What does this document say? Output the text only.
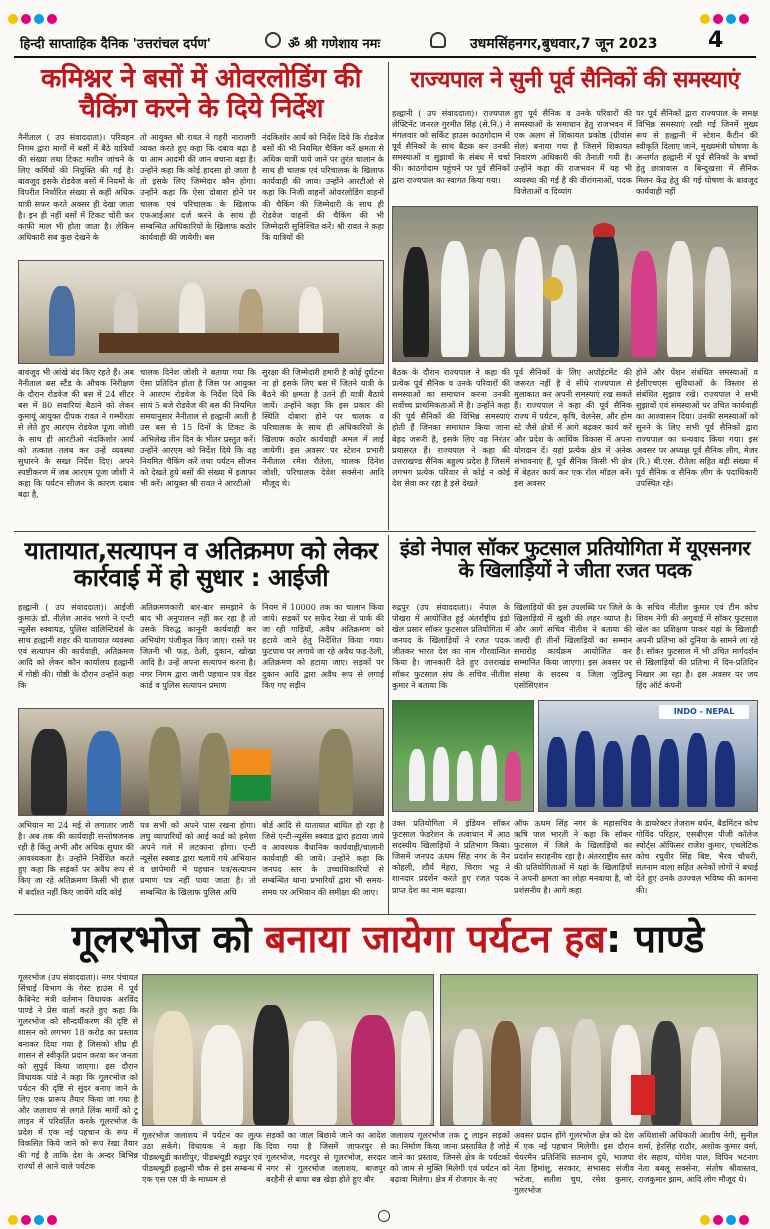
हिन्दी साप्ताहिक दैनिक 'उत्तरांचल दर्पण'	ॐ श्री गणेशाय नमः	उधमसिंहनगर,बुधवार,7 जून 2023	4
कमिश्नर ने बसों में ओवरलोडिंग की चैकिंग करने के दिये निर्देश
नैनीताल ( उप संवाददाता)। परिवहन निगम द्वारा मार्गों में बसों में बैठे यात्रियों की संख्या तथा टिकट मशीन जांचने के लिए कर्मियों की नियुक्ति की गई है। बावजूद इसके रोडवेज बसों में नियमों के विपरीत निर्धारित संख्या से कहीं अधिक यात्री सफर करते अक्सर ही देखा जाता है। इन ही नहीं बसों में टिकट चोरी कर काफी माल भी होता जाता है। लेकिन अधिकारी सब कुछ देखने के
तो आयुक्त श्री रावत ने गहरी नाराजगी व्यक्त करते हुए कहा कि दबाव बढ़ा है या आम आदमी की जान बचाना बड़ा है। उन्होंने कहा कि कोई हादसा हो जाता है तो इसके लिए जिम्मेदार कौन होगा। उन्होंने कहा कि ऐसा दोबारा होने पर चालक एवं परिचालक के खिलाफ एफआईआर दर्ज करने के साथ ही सम्बन्धित अधिकारियों के खिलाफ कठोर कार्यवाही की जायेगी। बस
नंदकिशोर आर्य को निर्देश दिये कि रोडवेज बसों की भी नियमित चैकिंग करें क्षमता से अधिक यात्री पाये जाने पर तुरंत चालान के साथ ही चालक एवं परिचालक के खिलाफ कार्यवाही की जाय। उन्होंने आरटीओ से कहा कि निजी वाहनों ओवरलोडिंग वाहनों की चैकिंग की जिम्मेदारी के साथ ही रोडवेज वाहनों की चैकिंग की भी जिम्मेदारी सुनिश्चित करें। श्री रावत ने कहा कि यात्रियों की
बावजूद भी आंखे बंद किए रहते हैं। अब नैनीताल बस स्टैंड के औचक निरीक्षण के दौरान रोडवेज की बस में 24 सीटर बस में 80 सवारियां बैठाने को लेकर कुमायूं आयुक्त दीपक रावत ने गम्भीरता से लेते हुए आरएम रोडवेज पूजा जोशी के साथ ही आरटीओ नंदकिशोर आर्य को तत्काल तलब कर उन्हें व्यवस्था सुधारने के सख्त निर्देश दिए। अपने स्पष्टीकरण में जब आरएम पूजा जोशी ने कहा कि पर्यटन सीजन के कारण दबाव बढ़ा है,
चालक दिनेश जोशी ने बताया गया कि ऐसा प्रतिदिन होता है जिस पर आयुक्त ने आरएम रोडवेज के निर्देश दिये कि सायं 5 बजे रोडवेज की बस की नियमित समयानुसार नैनीताल से हल्द्वानी आती है उस बस से 15 दिनों के टिकट के अभिलेख तीन दिन के भीतर प्रस्तुत करें। उन्होंने आरएम को निर्देश दिये कि वह नियमित चैकिंग करें तथा पर्यटन सीजन को देखते हुये बसों की संख्या में इजाफा भी करें। आयुक्त श्री रावत ने आरटीओ
सुरक्षा की जिम्मेदारी हमारी है कोई दुर्घटना ना हो इसके लिए बस में जितने यात्री के बैठने की क्षमता है उतने ही यात्री बैठाये जायें। उन्होंने कहा कि इस प्रकार की स्थिति दोबारा होने पर चालक व परिचालक के साथ ही अधिकारियों के खिलाफ कठोर कार्यवाही अमल में लाई जायेगी। इस अवसर पर स्टेशन प्रभारी नैनीताल रमेश रौतेला, चालक दिनेश जोशी, परिचालक देवेश सक्सेना आदि मौजूद थे।
राज्यपाल ने सुनी पूर्व सैनिकों की समस्याएं
हल्द्वानी ( उप संवाददाता)। राज्यपाल लेफ्टिनेंट जनरल गुरमीत सिंह (से.नि.) ने मंगलवार को सर्किट हाउस काठगोदाम में पूर्व सैनिकों के साथ बैठक कर उनकी समस्याओं व सुझावों के संबंध में चर्चा की। काठगोदाम पहुंचने पर पूर्व सैनिकों द्वारा राज्यपाल का स्वागत किया गया।
हुए पूर्व सैनिक व उनके परिवारों की समस्याओं के समाधान हेतु राजभवन में एक अलग से शिकायत प्रकोष्ठ (ग्रीवांस सेल) बनाया गया है जिसमें शिकायत निवारण अधिकारी की तैनाती गयी है। उन्होंने कहा की राजभवन में यह भी व्यवस्था की गई है की वीरांगनाओं, पदक विजेताओं व दिव्यांग
पर पूर्व सैनिकों द्वारा राज्यपाल के समक्ष विभिन्न समस्याएं रखी गई जिनमें मुख्य रूप से हल्द्वानी में स्टेशन कैंटीन की स्वीकृति दिलाए जाने, मुख्यमंत्री घोषणा के अन्तर्गत हल्द्वानी में पूर्व सैनिकों के बच्चों हेतु छात्रावास व बिन्दुखत्ता में सैनिक मिलन केंद्र हेतु की गई घोषणा के बावजूद कार्यवाही नहीं
बैठक के दौरान राज्यपाल ने कहा की प्रत्येक पूर्व सैनिक व उनके परिवारों की समस्याओं का समाधान करना उनकी सर्वोच्च प्राथमिकताओं में है। उन्होंने कहा की पूर्व सैनिकों की विभिन्न समस्याएं होती हैं जिनका समाधान किया जाना बेहद जरूरी है, इसके लिए वह निरंतर प्रयासरत हैं। राज्यपाल ने कहा की उत्तराखण्ड सैनिक बहुल्य प्रदेश है जिसमें लगभग प्रत्येक परिवार से कोई न कोई देश सेवा कर रहा है इसे देखते
पूर्व सैनिकों के लिए अपॉइंटमेंट की जरूरत नहीं है वे सीधे राज्यपाल से मुलाकात कर अपनी समस्याएं रख सकते हैं। राज्यपाल ने कहा की पूर्व सैनिक राज्य में पर्यटन, कृषि, वेलनेस, और होम स्टे जैसे क्षेत्रों में आगे बढ़कर कार्य करें और प्रदेश के आर्थिक विकास में अपना योगदान दें। यहां प्रत्येक क्षेत्र में अनेक संभावनाएं हैं, पूर्व सैनिक किसी भी क्षेत्र में बेहतर कार्य कर एक रोल मॉडल बनें। इस अवसर
होने और पेंशन संबंधित समस्याओं व ईसीएचएस सुविधाओं के विस्तार से संबंधित सुझाव रखे। राज्यपाल ने सभी सुझावों एवं समस्याओं पर उचित कार्यवाही का आश्वासन दिया। उनकी समस्याओं को सुनने के लिए सभी पूर्व सैनिकों द्वारा राज्यपाल का धन्यवाद किया गया। इस अवसर पर अध्यक्ष पूर्व सैनिक लीग, मेजर (रि.) बी.एस. रौतेला सहित बड़ी संख्या में पूर्व सैनिक व सैनिक लीग के पदाधिकारी उपस्थित रहे।
यातायात,सत्यापन व अतिक्रमण को लेकर कार्रवाई में हो सुधार : आईजी
हल्द्वानी ( उप संवाददाता)। आईजी कुमाऊं डॉ. नीलेश आनंद भरणे ने एन्टी न्यूसेंस स्क्वायड, पुलिस वालिन्टियर्स के साथ हल्द्वानी शहर की यातायात व्यवस्था एवं सत्यापन की कार्यवाही, अतिक्रमण आदि को लेकर कौन कार्यालय हल्द्वानी में गोष्ठी की। गोष्ठी के दौरान उन्होंने कहा कि
अतिक्रमणकारी बार-बार समझाने के बाद भी अनुपालन नहीं कर रहा है तो उसके विरुद्ध कानूनी कार्यवाही कर अभियोग पंजीकृत किए जाए। रास्ते पर जितनी भी फड़, ठेली, दुकान, खोखा आदि है। उन्हें अपना सत्यापन करना है। नगर निगम द्वारा जारी पहचान पत्र वेंडर कार्ड व पुलिस सत्यापन प्रमाण
नियम में 10000 तक का चालान किया जाये। सड़कों पर सफेद रेखा से पार्क की जा रही गाड़ियाँ, अवैध अतिक्रमण को हटाये जाने हेतु निर्देशित किया गया। फुटपाथ पर लगाये जा रहे अवैध फड़-ठेली, अतिक्रमण को हटाया जाए। सड़कों पर दुकान आदि द्वारा अवैध रूप से लगाई किए गए सड़ीन
अभियान मा 24 मई से लगातार जारी है। अब तक की कार्यवाही सन्तोषजनक रही है किंतु अभी और अधिक सुधार की आवश्यकता है। उन्होंने निर्देशित करते हुए कहा कि सड़कों पर अवैध रूप से किए जा रहे अतिक्रमण किसी भी हाल में बर्दाश्त नहीं किए जायेंगे यदि कोई
पत्र सभी को अपने पास रखना होगा। लघु व्यापारियों को आई कार्ड को हमेशा अपने गले में लटकाना होगा। एन्टी न्यूसेंस स्क्वाड द्वारा चलाये गये अभियान व छापेमारी में पहचान पत्र/सत्यापन प्रमाण पत्र नहीं पाया जाता है। तो सम्बन्धित के खिलाफ पुलिस अधि
बोर्ड आदि से यातायात बाधित हो रहा है जिसे एन्टी-न्यूसेंस स्क्वाड द्वारा हटाया जाये व आवश्यक वैधानिक कार्यवाही/चालानी कार्यवाही की जाये। उन्होंने कहा कि जनपद स्तर के उच्चाधिकारियों से सम्बन्धित थाना प्रभारियों द्वारा भी समय-समय पर अभियान की समीक्षा की जाए।
इंडो नेपाल सॉकर फुटसाल प्रतियोगिता में यूएसनगर के खिलाड़ियों ने जीता रजत पदक
रुद्रपुर (उप संवाददाता)। नेपाल के पोखरा में आयोजित हुई अंतर्राष्ट्रीय इंडो खेल प्रसार सॉकर फुटसाल प्रतियोगिता में जनपद के खिलाड़ियों ने रजत पदक जीतकर भारत देश का नाम गौरवान्वित किया है। जानकारी देते हुए उत्तराखंड सॉकर फुटसाल संघ के सचिव नीतीश कुमार ने बताया कि
खिलाड़ियों की इस उपलब्धि पर जिले के खिलाड़ियों में खुशी की लहर व्याप्त है। और आगे सचिव नीतीश ने बताया की जल्दी ही तीनों खिलाड़ियों का सम्मान समारोह कार्यक्रम आयोजित कर सम्मानित किया जाएगा। इस अवसर पर संस्था के सदस्य व जिला जुडिल्यू एसोसिएशन
के सचिव नीतीश कुमार एवं टीम कोच शिवम नेगी की अगुवाई में सॉकर फुटसाल खेल का प्रशिक्षण पाकर यहां के खिलाड़ी अपनी प्रतिभा को दुनिया के सामने ला रहे हैं। सॉकर फुटसाल में भी उचित मार्गदर्शन से खिलाड़ियों की प्रतिभा में दिन-प्रतिदिन निखार आ रहा है। इस अवसर पर जय हिंद ऑर्ट कंपनी
INDO - NEPAL
उक्त प्रतियोगिता में इंडियन सॉकर फुटसाल फेडरेशन के तत्वाधान में आठ सदस्यीय खिलाड़ियों ने प्रतिभाग किया। जिसमें जनपद ऊधम सिंह नगर के नैन कोहली, शौर्य मेहरा, चिराग भट्ट ने शानदार प्रदर्शन करते हुए रजत पदक प्राप्त देश का नाम बढ़ाया।
ऑफ ऊधम सिंह नगर के महासचिव ऋषि पाल भारती ने कहा कि सॉकर फुटसाल में जिले के खिलाड़ियों का प्रदर्शन सराहनीय रहा है। अंतरराष्ट्रीय स्तर की प्रतियोगिताओं में यहां के खिलाड़ियों ने अपनी क्षमता का लोहा मनवाया है, जो प्रशंसनीय है। आगे कहा
के डायरेक्टर तेजराम बर्धन, बैडमिंटन कोच गोविंद परिहार, एसबीएस पीजी कॉलेज स्पोर्ट्स ऑफिसर राजेश कुमार, एथलेटिक कोच रघुवीर सिंह बिष्ट, भैरव चौधरी, सतनाम वाला सहित अनेकों लोगों ने बधाई देते हुए उनके उज्ज्वल भविष्य की कामना की।
गूलरभोज को बनाया जायेगा पर्यटन हब: पाण्डे
गूलरभोज (उप संवाददाता)। नगर पंचायत सिंचाई विभाग के गेस्ट हाउस में पूर्व कैबिनेट मंत्री वर्तमान विधायक अरविंद पाण्डे ने प्रेस वार्ता करते हुए कहा कि गूलरभोज को सौन्दर्यीकरण की दृष्टि से शासन को लगभग 18 करोड़ का प्रस्ताव बनाकर दिया गया है जिसको शीघ्र ही शासन से स्वीकृति प्रदान करवा कर जनता को सुपुर्द किया जाएगा। इस दौरान विधायक पांडे ने कहा कि गूलरभोज को पर्यटन की दृष्टि से सुंदर बनाए जाने के लिए एक प्रारूप तैयार किया जा गया है और जलाशय से लगते लिंक मार्गो को टू लाइन में परिवर्तित करके गूलरभोज के प्रदेश में एक नई पहचान के रूप में विकसित किये जाने को रूप रेखा तैयार की गई है ताकि देश के अन्दर बिभिन्न राज्यों से आने वाले पर्यटक
गूलरभोज जलाशय में पर्यटन का लुत्फ उठा सकेंगे। विधायक ने कहा कि पीडब्ल्यूडी काशीपुर, पीडब्ल्यूडी रुद्रपुर एवं पीडब्ल्यूडी हल्द्वानी चौक से इस सम्बन्ध में एक एस एस पी के माध्यम से
सड़कों का जाल बिछाये जाने का आदेश दिया गया है जिसमें जाफरपुर से गूलरभोज, गदरपुर से गूलरभोज, सरदार नगर से गूलरभोज जलाशय, बाजपुर बरहैनी से बाया बन्न खेड़ा होते हुए बौर
जलाशय गूलरभोज तक टू लाइन सड़कों का निर्माण किया जाना प्रस्तावित है जोड़े जाने का प्रस्ताव, जिनसे क्षेत्र के पर्यटकों को जाम से मुक्ति मिलेगी एवं पर्यटन को बढ़ावा मिलेगा। क्षेत्र में रोजगार के नए
अवसर प्रदान होंगे गूलरभोज क्षेत्र को देश में एक नई पहचान मिलेगी। इस दौरान चेयरमैन प्रतिनिधि सतनाम दुधे, भाजपा नेता हिमांशु, सरकार, सभासद संजीव भटेजा, सतीश चुघ, रमेश कुमार, गुलरभोज
अधिशासी अधिकारी आशीष नेगी, सुनील शर्मा, हेरसिंह राठौर, अशोक कुमार वर्मा, शेर सहाय, योगेश पाल, विपिन भटनाग नेता बबलू सक्सेना, संतोष श्रीवास्तव, राजकुमार झाम, आदि लोग मौजूद थे।
